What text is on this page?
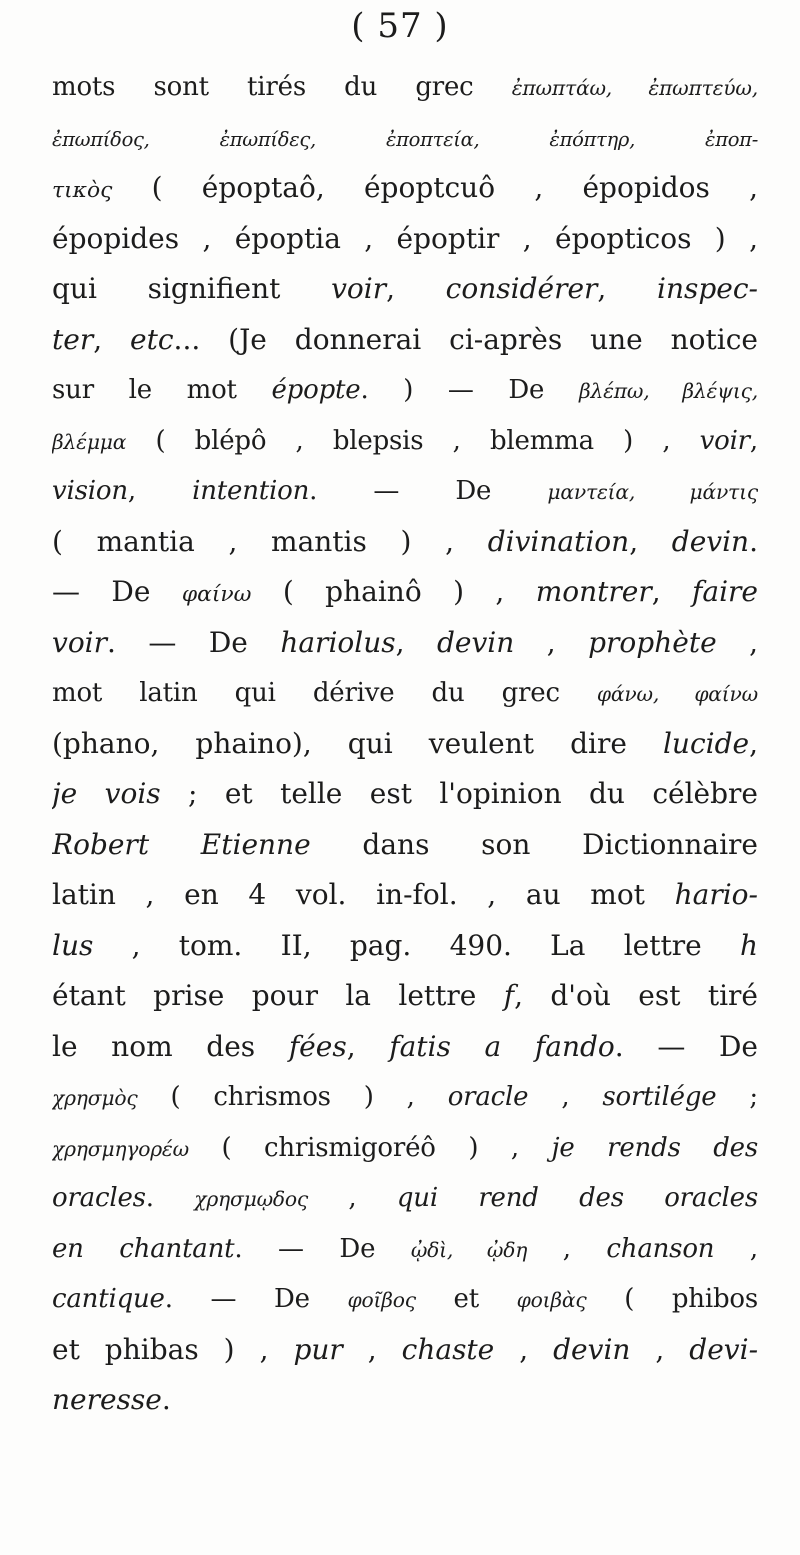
( 57 )
mots sont tirés du grec ἐπωπτάω, ἐπωπτεύω,
ἐπωπίδος, ἐπωπίδες, ἐποπτεία, ἐπόπτηρ, ἐποπ-
τικὸς ( époptaô, époptcuô , épopidos ,
épopides , époptia , époptir , épopticos ) ,
qui signifient voir, considérer, inspec-
ter, etc... (Je donnerai ci-après une notice
sur le mot épopte. ) — De βλέπω, βλέψις,
βλέμμα ( blépô , blepsis , blemma ) , voir,
vision, intention. — De μαντεία, μάντις
( mantia , mantis ) , divination, devin.
— De φαίνω ( phainô ) , montrer, faire
voir. — De hariolus, devin , prophète ,
mot latin qui dérive du grec φάνω, φαίνω
(phano, phaino), qui veulent dire lucide,
je vois ; et telle est l'opinion du célèbre
Robert Etienne dans son Dictionnaire
latin , en 4 vol. in-fol. , au mot hario-
lus , tom. II, pag. 490. La lettre h
étant prise pour la lettre f, d'où est tiré
le nom des fées, fatis a fando. — De
χρησμὸς ( chrismos ) , oracle , sortilége ;
χρησμηγορέω ( chrismigoréô ) , je rends des
oracles. χρησμῳδος , qui rend des oracles
en chantant. — De ᾠδὶ, ᾠδη , chanson ,
cantique. — De φοῖβος et φοιβὰς ( phibos
et phibas ) , pur , chaste , devin , devi-
neresse.
